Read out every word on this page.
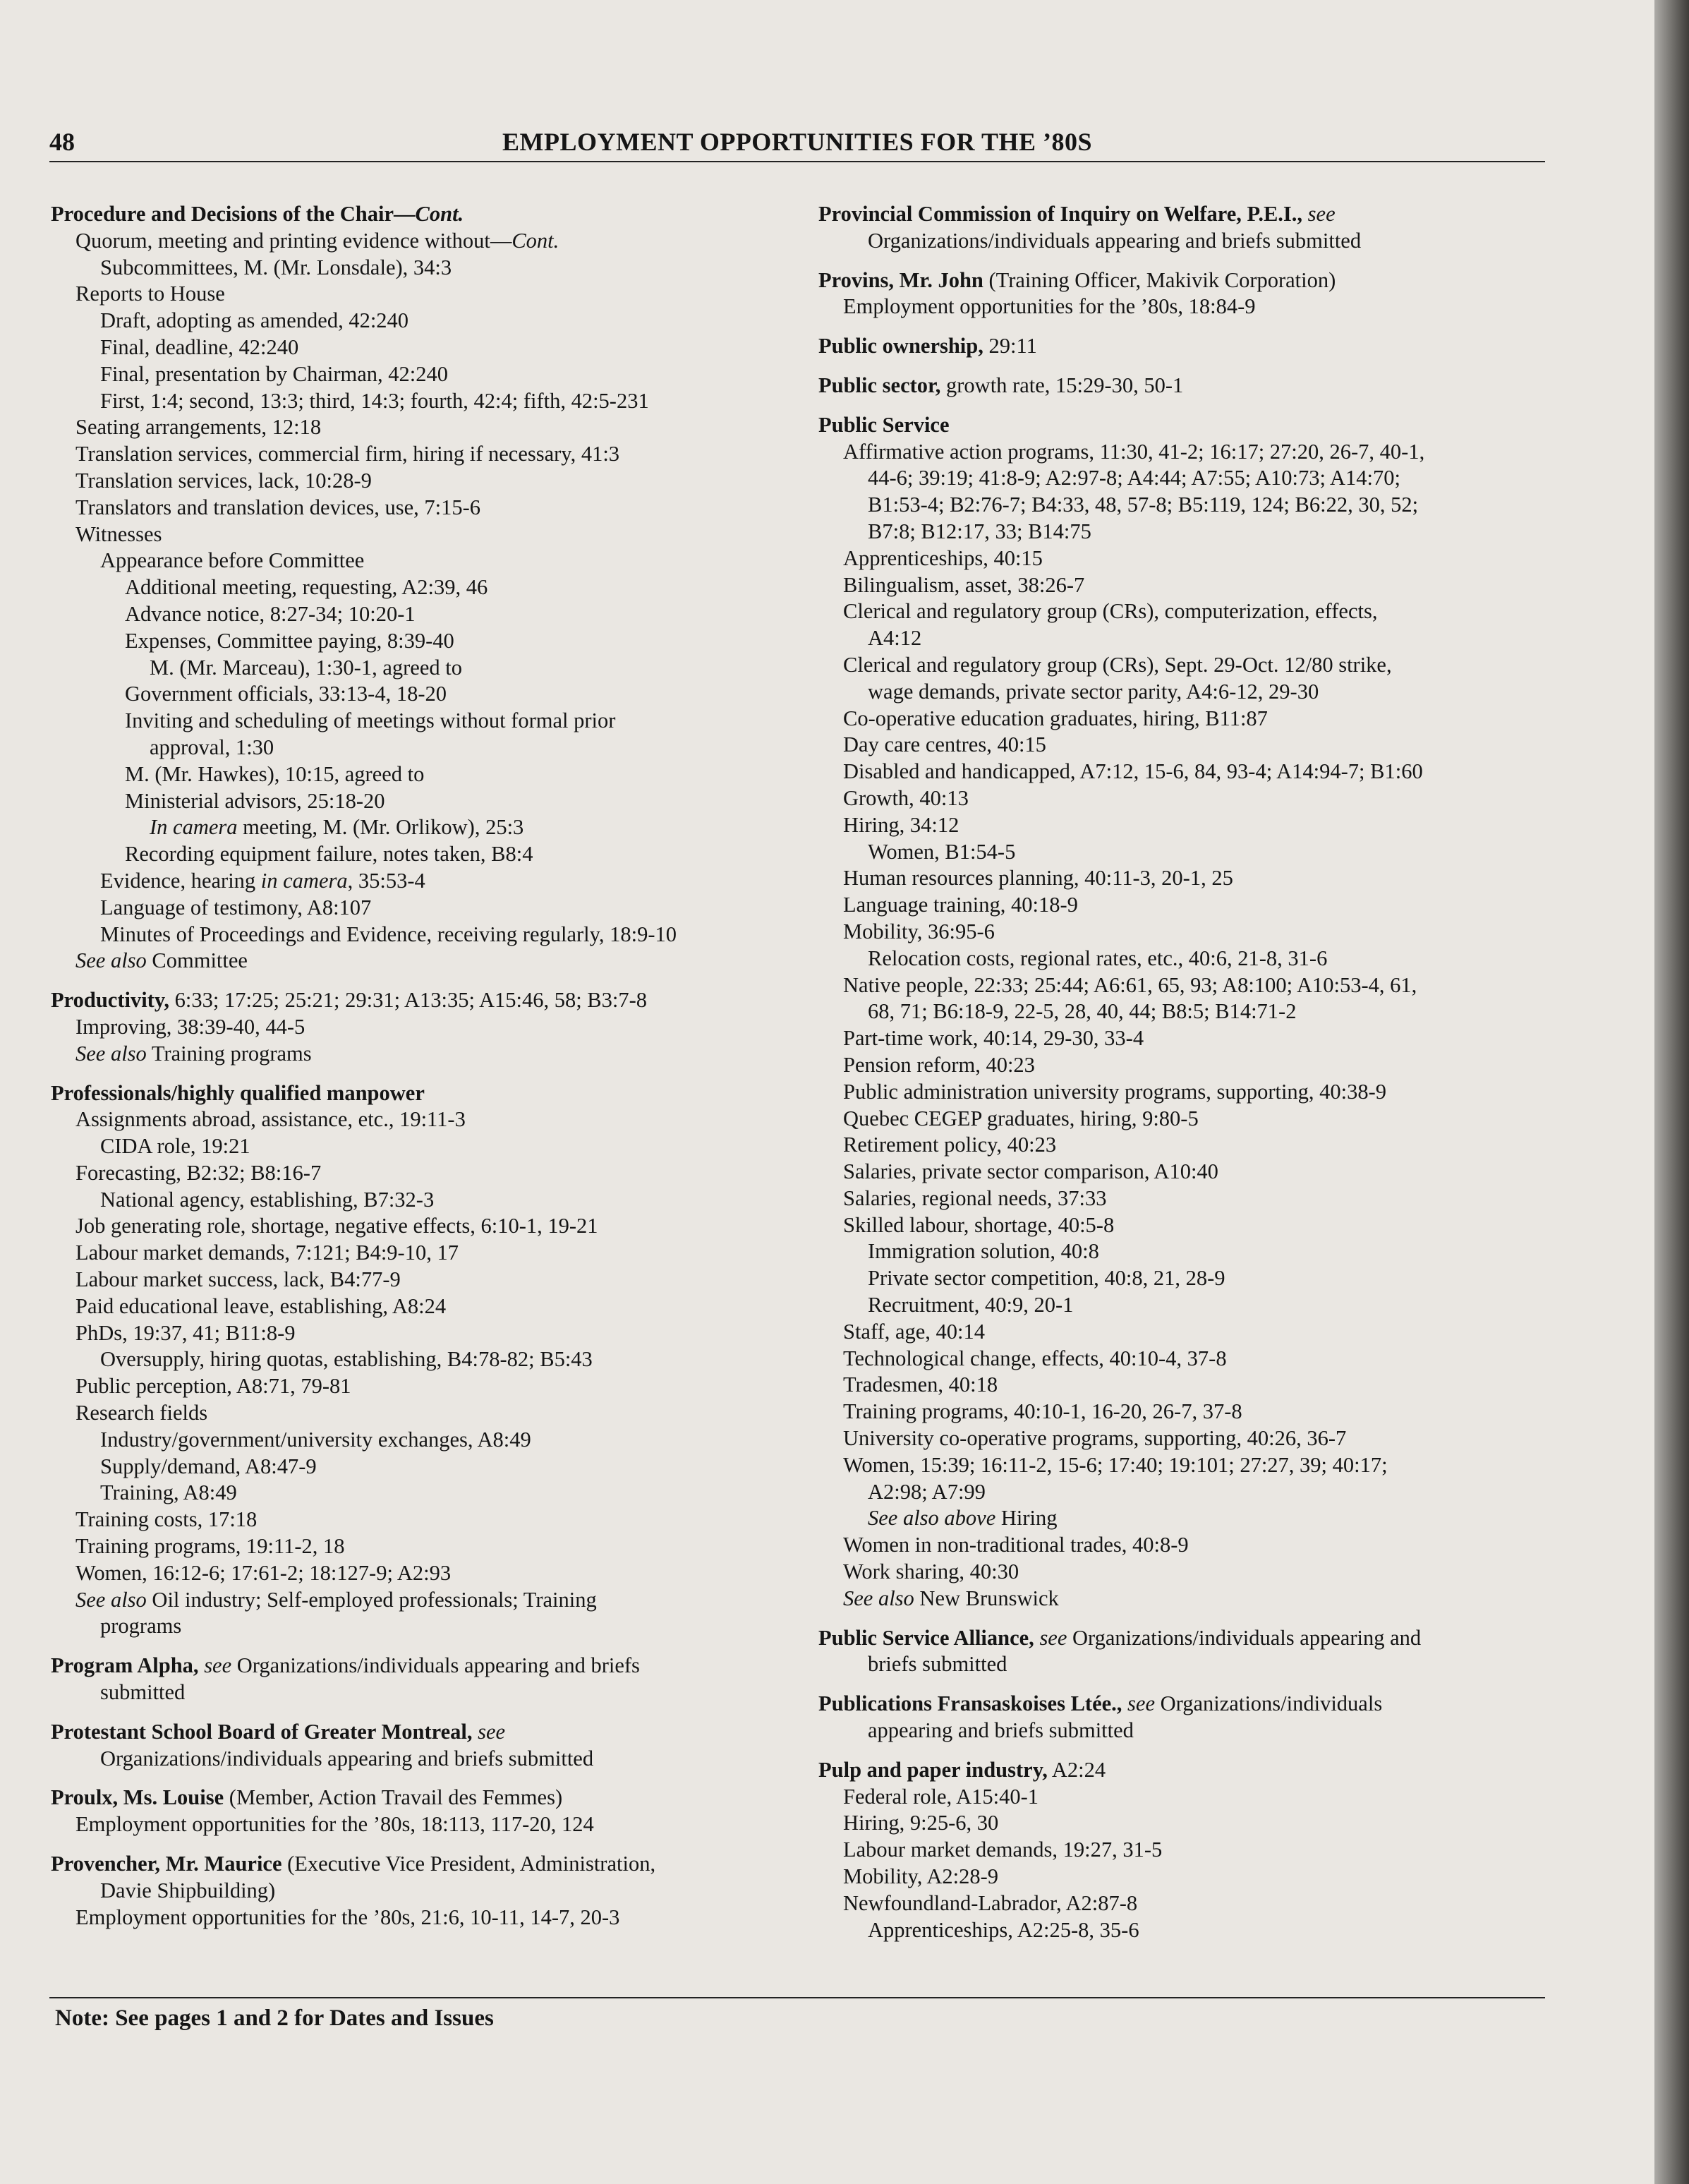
48	EMPLOYMENT OPPORTUNITIES FOR THE ’80S
Procedure and Decisions of the Chair—Cont.
Quorum, meeting and printing evidence without—Cont.
Subcommittees, M. (Mr. Lonsdale), 34:3
Reports to House
Draft, adopting as amended, 42:240
Final, deadline, 42:240
Final, presentation by Chairman, 42:240
First, 1:4; second, 13:3; third, 14:3; fourth, 42:4; fifth, 42:5-231
Seating arrangements, 12:18
Translation services, commercial firm, hiring if necessary, 41:3
Translation services, lack, 10:28-9
Translators and translation devices, use, 7:15-6
Witnesses
Appearance before Committee
Additional meeting, requesting, A2:39, 46
Advance notice, 8:27-34; 10:20-1
Expenses, Committee paying, 8:39-40
M. (Mr. Marceau), 1:30-1, agreed to
Government officials, 33:13-4, 18-20
Inviting and scheduling of meetings without formal prior
approval, 1:30
M. (Mr. Hawkes), 10:15, agreed to
Ministerial advisors, 25:18-20
In camera meeting, M. (Mr. Orlikow), 25:3
Recording equipment failure, notes taken, B8:4
Evidence, hearing in camera, 35:53-4
Language of testimony, A8:107
Minutes of Proceedings and Evidence, receiving regularly, 18:9-10
See also Committee
Productivity, 6:33; 17:25; 25:21; 29:31; A13:35; A15:46, 58; B3:7-8
Improving, 38:39-40, 44-5
See also Training programs
Professionals/highly qualified manpower
Assignments abroad, assistance, etc., 19:11-3
CIDA role, 19:21
Forecasting, B2:32; B8:16-7
National agency, establishing, B7:32-3
Job generating role, shortage, negative effects, 6:10-1, 19-21
Labour market demands, 7:121; B4:9-10, 17
Labour market success, lack, B4:77-9
Paid educational leave, establishing, A8:24
PhDs, 19:37, 41; B11:8-9
Oversupply, hiring quotas, establishing, B4:78-82; B5:43
Public perception, A8:71, 79-81
Research fields
Industry/government/university exchanges, A8:49
Supply/demand, A8:47-9
Training, A8:49
Training costs, 17:18
Training programs, 19:11-2, 18
Women, 16:12-6; 17:61-2; 18:127-9; A2:93
See also Oil industry; Self-employed professionals; Training
programs
Program Alpha, see Organizations/individuals appearing and briefs
submitted
Protestant School Board of Greater Montreal, see
Organizations/individuals appearing and briefs submitted
Proulx, Ms. Louise (Member, Action Travail des Femmes)
Employment opportunities for the ’80s, 18:113, 117-20, 124
Provencher, Mr. Maurice (Executive Vice President, Administration,
Davie Shipbuilding)
Employment opportunities for the ’80s, 21:6, 10-11, 14-7, 20-3
Provincial Commission of Inquiry on Welfare, P.E.I., see
Organizations/individuals appearing and briefs submitted
Provins, Mr. John (Training Officer, Makivik Corporation)
Employment opportunities for the ’80s, 18:84-9
Public ownership, 29:11
Public sector, growth rate, 15:29-30, 50-1
Public Service
Affirmative action programs, 11:30, 41-2; 16:17; 27:20, 26-7, 40-1,
44-6; 39:19; 41:8-9; A2:97-8; A4:44; A7:55; A10:73; A14:70;
B1:53-4; B2:76-7; B4:33, 48, 57-8; B5:119, 124; B6:22, 30, 52;
B7:8; B12:17, 33; B14:75
Apprenticeships, 40:15
Bilingualism, asset, 38:26-7
Clerical and regulatory group (CRs), computerization, effects,
A4:12
Clerical and regulatory group (CRs), Sept. 29-Oct. 12/80 strike,
wage demands, private sector parity, A4:6-12, 29-30
Co-operative education graduates, hiring, B11:87
Day care centres, 40:15
Disabled and handicapped, A7:12, 15-6, 84, 93-4; A14:94-7; B1:60
Growth, 40:13
Hiring, 34:12
Women, B1:54-5
Human resources planning, 40:11-3, 20-1, 25
Language training, 40:18-9
Mobility, 36:95-6
Relocation costs, regional rates, etc., 40:6, 21-8, 31-6
Native people, 22:33; 25:44; A6:61, 65, 93; A8:100; A10:53-4, 61,
68, 71; B6:18-9, 22-5, 28, 40, 44; B8:5; B14:71-2
Part-time work, 40:14, 29-30, 33-4
Pension reform, 40:23
Public administration university programs, supporting, 40:38-9
Quebec CEGEP graduates, hiring, 9:80-5
Retirement policy, 40:23
Salaries, private sector comparison, A10:40
Salaries, regional needs, 37:33
Skilled labour, shortage, 40:5-8
Immigration solution, 40:8
Private sector competition, 40:8, 21, 28-9
Recruitment, 40:9, 20-1
Staff, age, 40:14
Technological change, effects, 40:10-4, 37-8
Tradesmen, 40:18
Training programs, 40:10-1, 16-20, 26-7, 37-8
University co-operative programs, supporting, 40:26, 36-7
Women, 15:39; 16:11-2, 15-6; 17:40; 19:101; 27:27, 39; 40:17;
A2:98; A7:99
See also above Hiring
Women in non-traditional trades, 40:8-9
Work sharing, 40:30
See also New Brunswick
Public Service Alliance, see Organizations/individuals appearing and
briefs submitted
Publications Fransaskoises Ltée., see Organizations/individuals
appearing and briefs submitted
Pulp and paper industry, A2:24
Federal role, A15:40-1
Hiring, 9:25-6, 30
Labour market demands, 19:27, 31-5
Mobility, A2:28-9
Newfoundland-Labrador, A2:87-8
Apprenticeships, A2:25-8, 35-6
Note: See pages 1 and 2 for Dates and Issues
